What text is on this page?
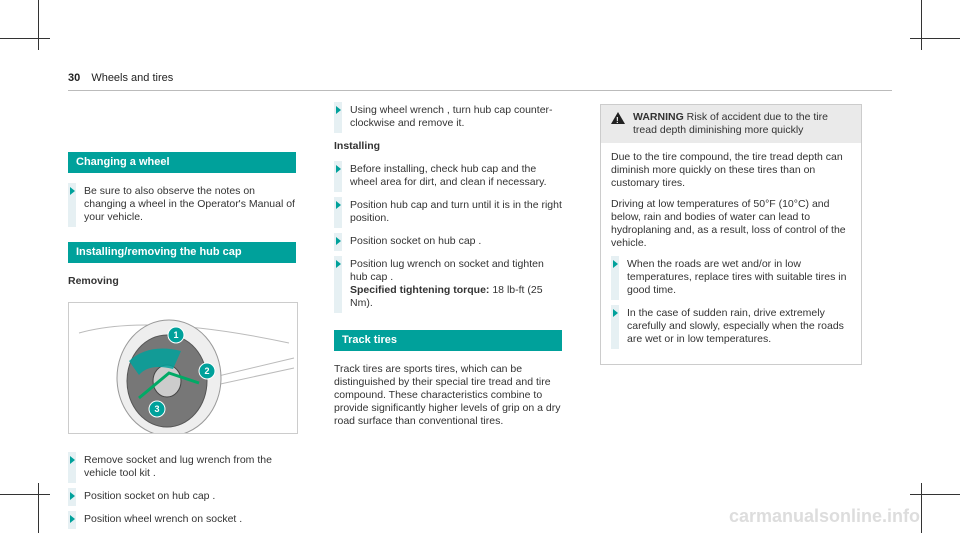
30 Wheels and tires
Changing a wheel
Be sure to also observe the notes on changing a wheel in the Operator's Manual of your vehicle.
Installing/removing the hub cap
Removing
1
2
3
Remove socket and lug wrench from the vehicle tool kit .
Position socket on hub cap .
Position wheel wrench on socket .
Using wheel wrench , turn hub cap counter-clockwise and remove it.
Installing
Before installing, check hub cap and the wheel area for dirt, and clean if necessary.
Position hub cap and turn until it is in the right position.
Position socket on hub cap .
Position lug wrench on socket and tighten hub cap .
Specified tightening torque: 18 lb-ft (25 Nm).
Track tires
Track tires are sports tires, which can be distinguished by their special tire tread and tire compound. These characteristics combine to provide significantly higher levels of grip on a dry road surface than conventional tires.
! WARNING Risk of accident due to the tire tread depth diminishing more quickly

Due to the tire compound, the tire tread depth can diminish more quickly on these tires than on customary tires.

Driving at low temperatures of 50°F (10°C) and below, rain and bodies of water can lead to hydroplaning and, as a result, loss of control of the vehicle.

When the roads are wet and/or in low temperatures, replace tires with suitable tires in good time.
In the case of sudden rain, drive extremely carefully and slowly, especially when the roads are wet or in low temperatures.
carmanualsonline.info
